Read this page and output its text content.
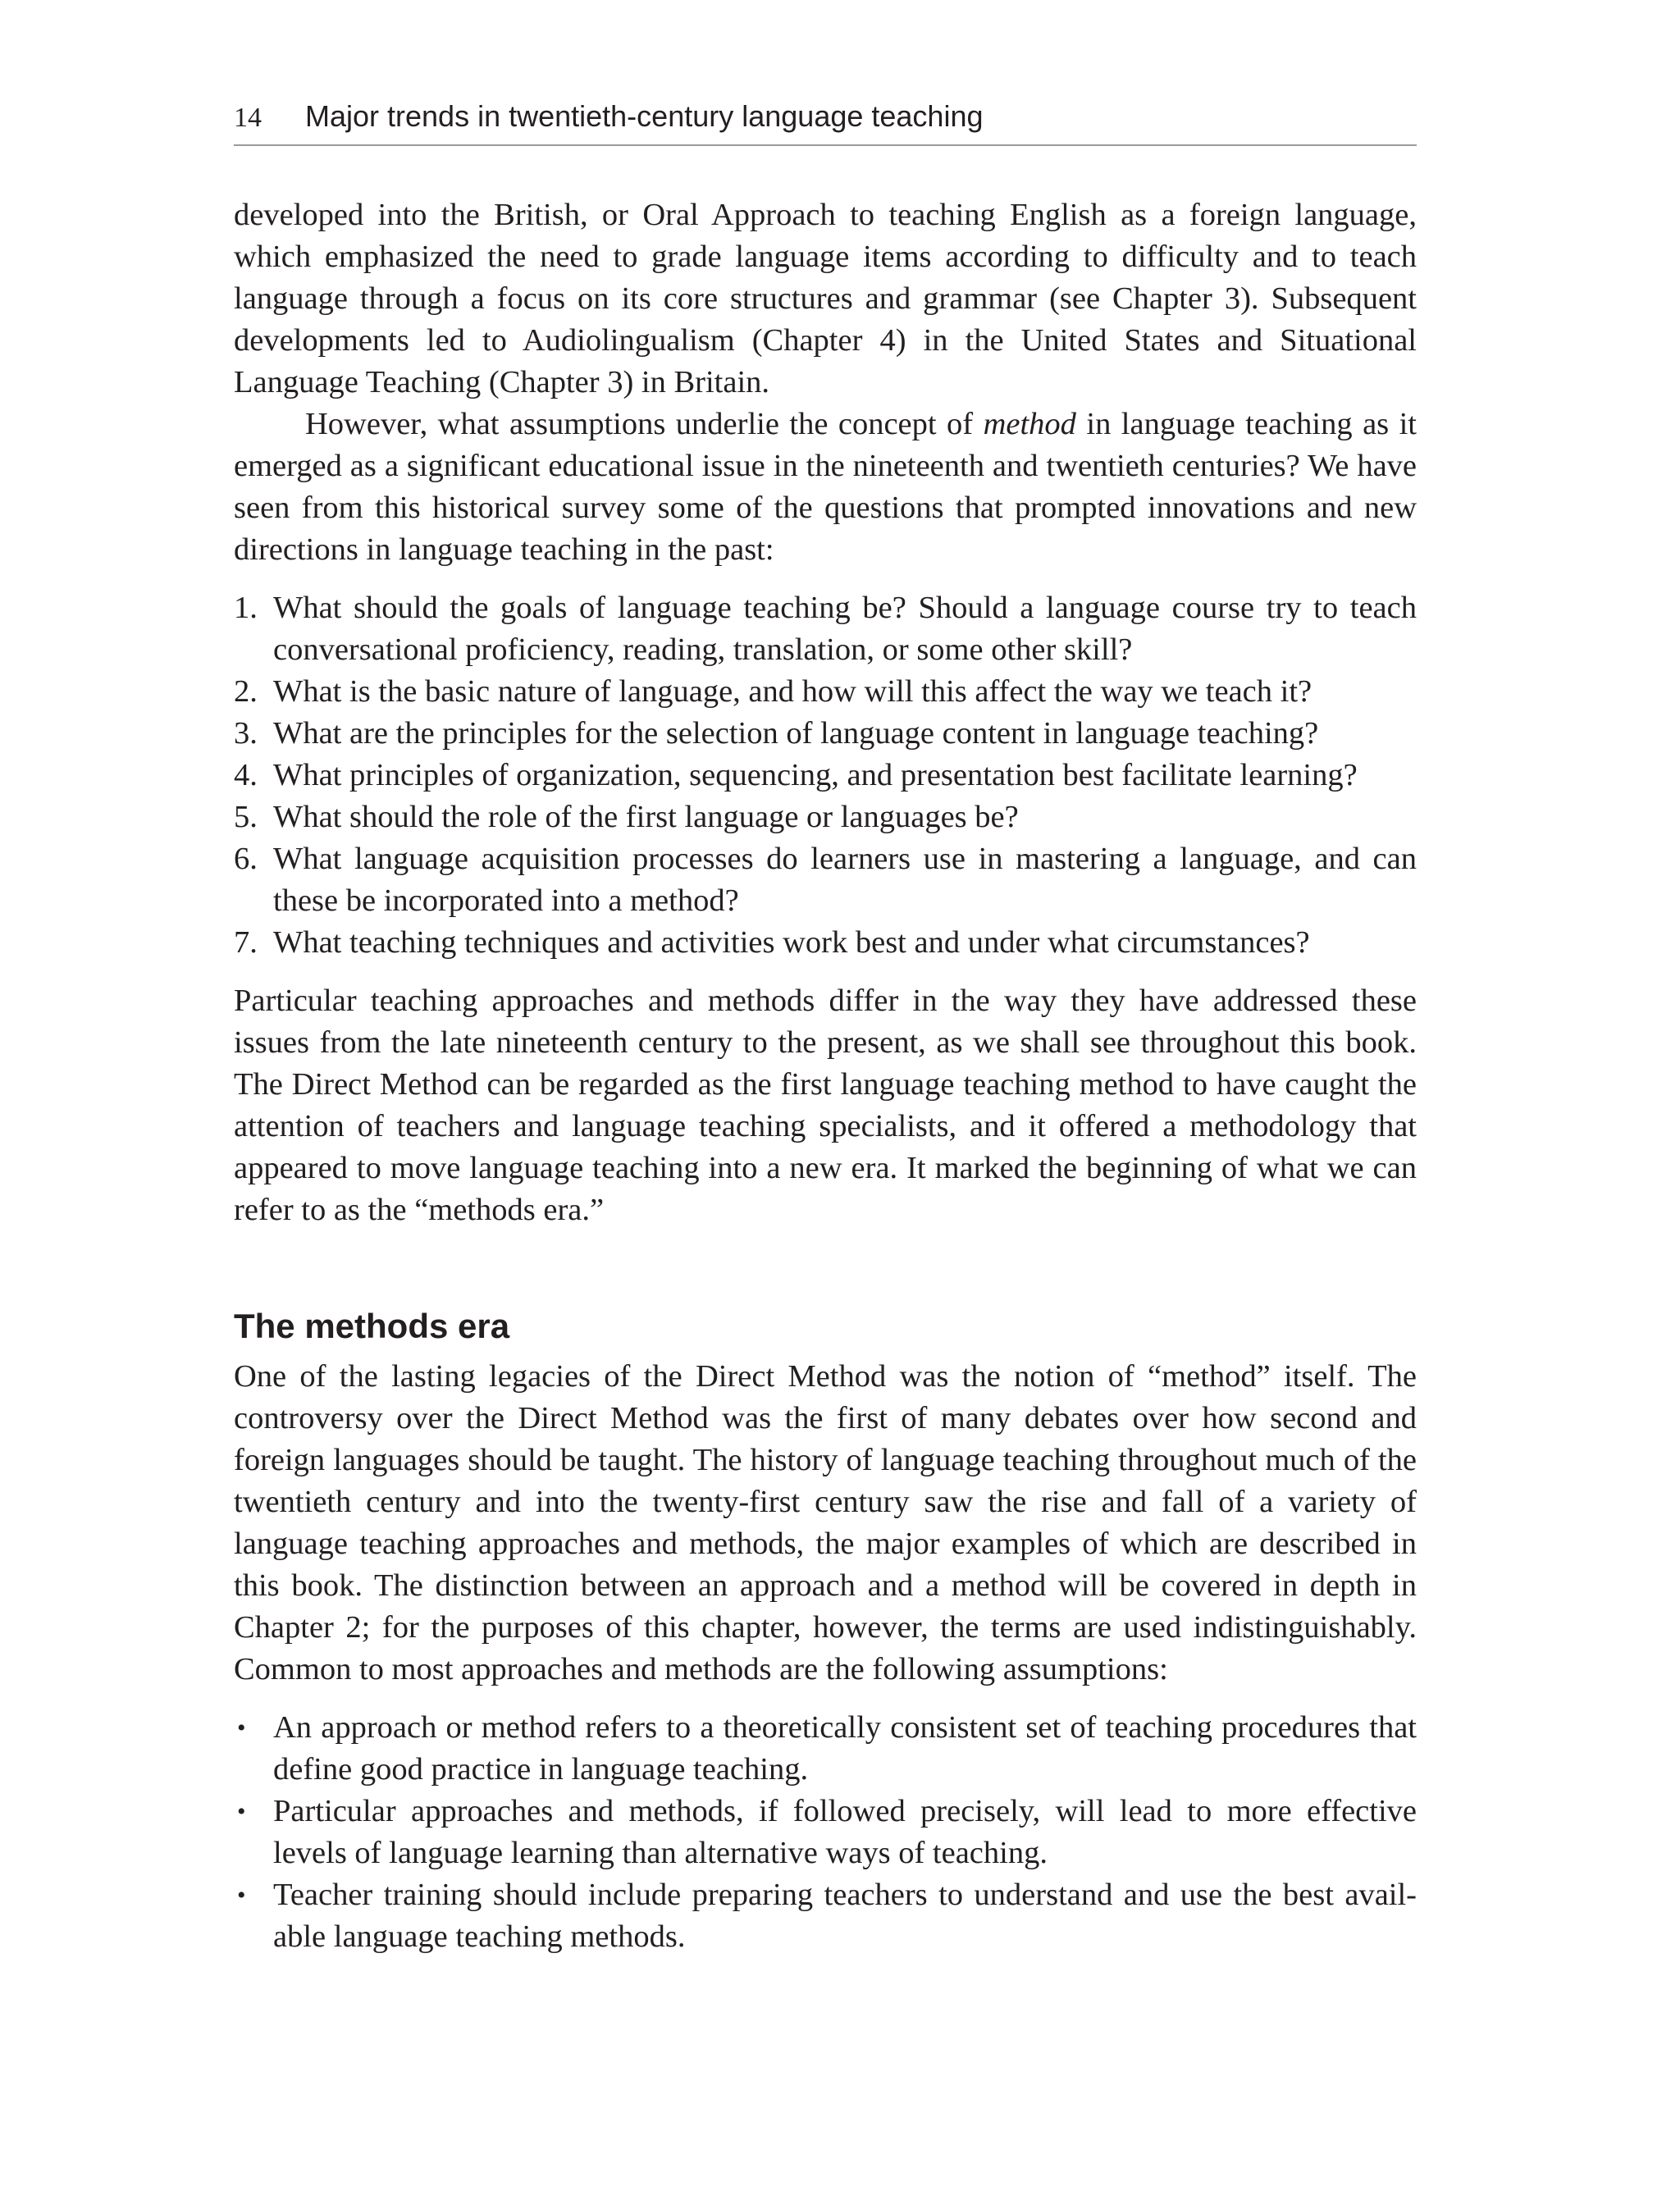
14 Major trends in twentieth-century language teaching

developed into the British, or Oral Approach to teaching English as a foreign language, which emphasized the need to grade language items according to difficulty and to teach language through a focus on its core structures and grammar (see Chapter 3). Subsequent developments led to Audiolingualism (Chapter 4) in the United States and Situational Language Teaching (Chapter 3) in Britain.

However, what assumptions underlie the concept of method in language teaching as it emerged as a significant educational issue in the nineteenth and twentieth centuries? We have seen from this historical survey some of the questions that prompted innovations and new directions in language teaching in the past:

1. What should the goals of language teaching be? Should a language course try to teach conversational proficiency, reading, translation, or some other skill?
2. What is the basic nature of language, and how will this affect the way we teach it?
3. What are the principles for the selection of language content in language teaching?
4. What principles of organization, sequencing, and presentation best facilitate learning?
5. What should the role of the first language or languages be?
6. What language acquisition processes do learners use in mastering a language, and can these be incorporated into a method?
7. What teaching techniques and activities work best and under what circumstances?

Particular teaching approaches and methods differ in the way they have addressed these issues from the late nineteenth century to the present, as we shall see throughout this book. The Direct Method can be regarded as the first language teaching method to have caught the attention of teachers and language teaching specialists, and it offered a methodology that appeared to move language teaching into a new era. It marked the beginning of what we can refer to as the “methods era.”

The methods era

One of the lasting legacies of the Direct Method was the notion of “method” itself. The controversy over the Direct Method was the first of many debates over how second and foreign languages should be taught. The history of language teaching throughout much of the twentieth century and into the twenty-first century saw the rise and fall of a variety of language teaching approaches and methods, the major examples of which are described in this book. The distinction between an approach and a method will be covered in depth in Chapter 2; for the purposes of this chapter, however, the terms are used indistinguishably. Common to most approaches and methods are the following assumptions:

• An approach or method refers to a theoretically consistent set of teaching procedures that define good practice in language teaching.
• Particular approaches and methods, if followed precisely, will lead to more effective levels of language learning than alternative ways of teaching.
• Teacher training should include preparing teachers to understand and use the best avail-able language teaching methods.
